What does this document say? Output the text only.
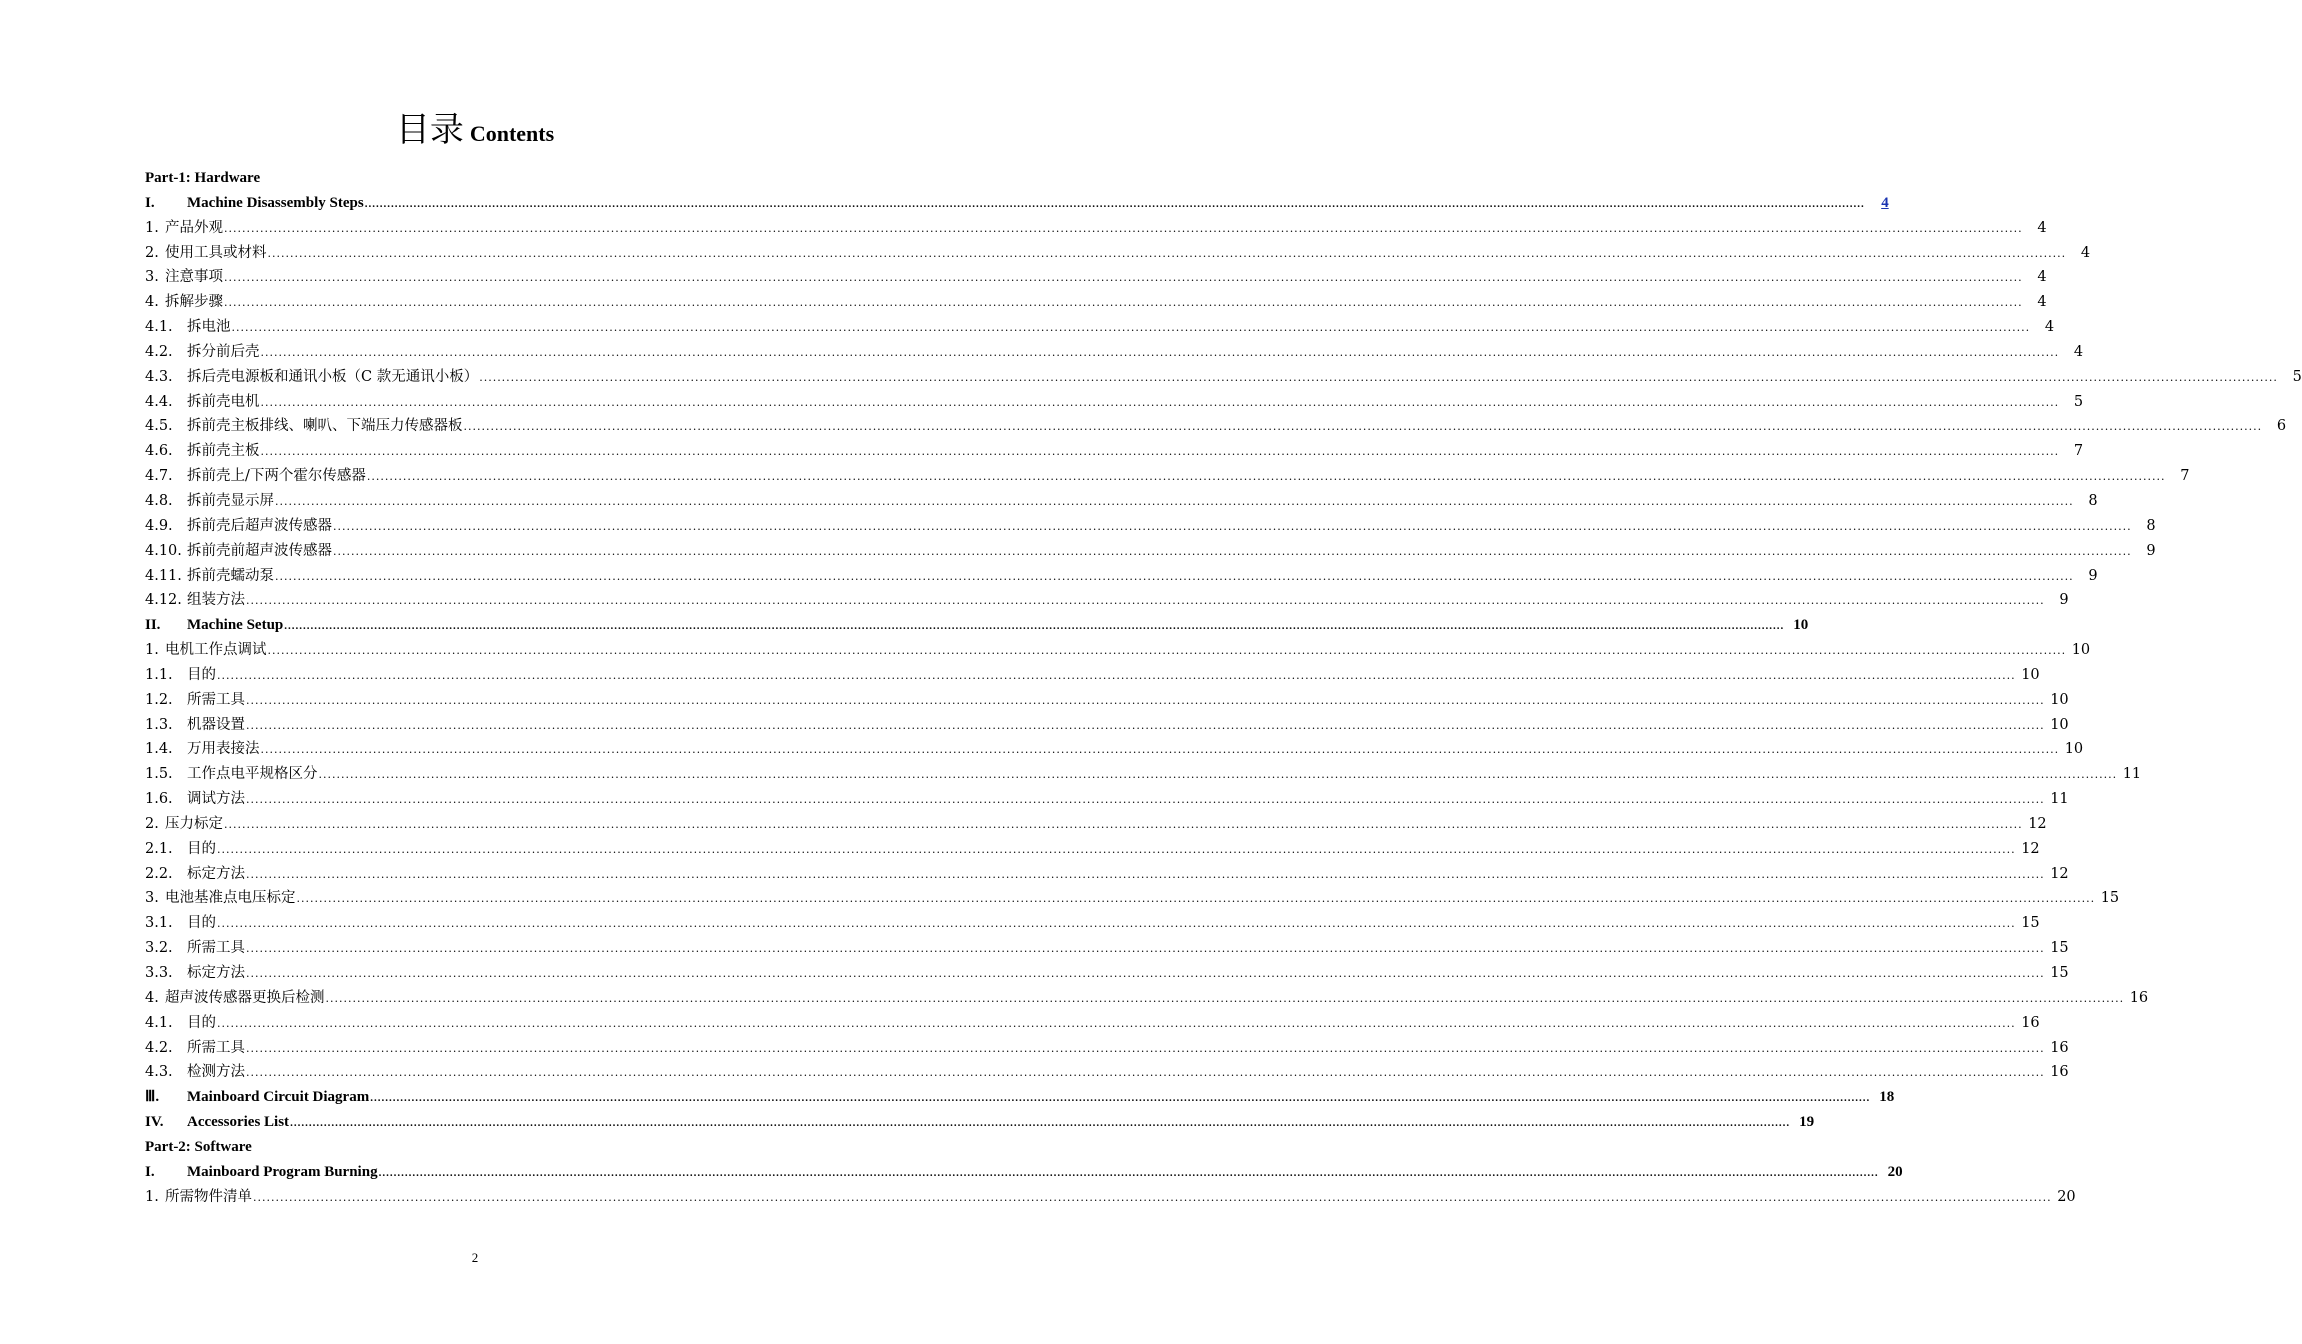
目录 Contents
Part-1: Hardware
I.	Machine Disassembly Steps ................................................................................................................................................................................................................................................................................................................................................................................................................	4
1. 产品外观 ................................................................................................................................................................................................................................................................................................................................................................................................................	4
2. 使用工具或材料 ................................................................................................................................................................................................................................................................................................................................................................................................................	4
3. 注意事项 ................................................................................................................................................................................................................................................................................................................................................................................................................	4
4. 拆解步骤 ................................................................................................................................................................................................................................................................................................................................................................................................................	4
4.1. 拆电池 ................................................................................................................................................................................................................................................................................................................................................................................................................	4
4.2. 拆分前后壳 ................................................................................................................................................................................................................................................................................................................................................................................................................	4
4.3. 拆后壳电源板和通讯小板（C 款无通讯小板） ................................................................................................................................................................................................................................................................................................................................................................................................................	5
4.4. 拆前壳电机 ................................................................................................................................................................................................................................................................................................................................................................................................................	5
4.5. 拆前壳主板排线、喇叭、下端压力传感器板 ................................................................................................................................................................................................................................................................................................................................................................................................................	6
4.6. 拆前壳主板 ................................................................................................................................................................................................................................................................................................................................................................................................................	7
4.7. 拆前壳上/下两个霍尔传感器 ................................................................................................................................................................................................................................................................................................................................................................................................................	7
4.8. 拆前壳显示屏 ................................................................................................................................................................................................................................................................................................................................................................................................................	8
4.9. 拆前壳后超声波传感器 ................................................................................................................................................................................................................................................................................................................................................................................................................	8
4.10. 拆前壳前超声波传感器 ................................................................................................................................................................................................................................................................................................................................................................................................................	9
4.11. 拆前壳蠕动泵 ................................................................................................................................................................................................................................................................................................................................................................................................................	9
4.12. 组装方法 ................................................................................................................................................................................................................................................................................................................................................................................................................	9
II.	Machine Setup ................................................................................................................................................................................................................................................................................................................................................................................................................ 10
1. 电机工作点调试 ................................................................................................................................................................................................................................................................................................................................................................................................................ 10
1.1. 目的 ................................................................................................................................................................................................................................................................................................................................................................................................................ 10
1.2. 所需工具 ................................................................................................................................................................................................................................................................................................................................................................................................................ 10
1.3. 机器设置 ................................................................................................................................................................................................................................................................................................................................................................................................................ 10
1.4. 万用表接法 ................................................................................................................................................................................................................................................................................................................................................................................................................ 10
1.5. 工作点电平规格区分 ................................................................................................................................................................................................................................................................................................................................................................................................................ 11
1.6. 调试方法 ................................................................................................................................................................................................................................................................................................................................................................................................................ 11
2. 压力标定 ................................................................................................................................................................................................................................................................................................................................................................................................................ 12
2.1. 目的 ................................................................................................................................................................................................................................................................................................................................................................................................................ 12
2.2. 标定方法 ................................................................................................................................................................................................................................................................................................................................................................................................................ 12
3. 电池基准点电压标定 ................................................................................................................................................................................................................................................................................................................................................................................................................ 15
3.1. 目的 ................................................................................................................................................................................................................................................................................................................................................................................................................ 15
3.2. 所需工具 ................................................................................................................................................................................................................................................................................................................................................................................................................ 15
3.3. 标定方法 ................................................................................................................................................................................................................................................................................................................................................................................................................ 15
4. 超声波传感器更换后检测 ................................................................................................................................................................................................................................................................................................................................................................................................................ 16
4.1. 目的 ................................................................................................................................................................................................................................................................................................................................................................................................................ 16
4.2. 所需工具 ................................................................................................................................................................................................................................................................................................................................................................................................................ 16
4.3. 检测方法 ................................................................................................................................................................................................................................................................................................................................................................................................................ 16
Ⅲ.	Mainboard Circuit Diagram ................................................................................................................................................................................................................................................................................................................................................................................................................ 18
IV.	Accessories List ................................................................................................................................................................................................................................................................................................................................................................................................................ 19
Part-2: Software
I.	Mainboard Program Burning ................................................................................................................................................................................................................................................................................................................................................................................................................ 20
1. 所需物件清单 ................................................................................................................................................................................................................................................................................................................................................................................................................ 20
2
